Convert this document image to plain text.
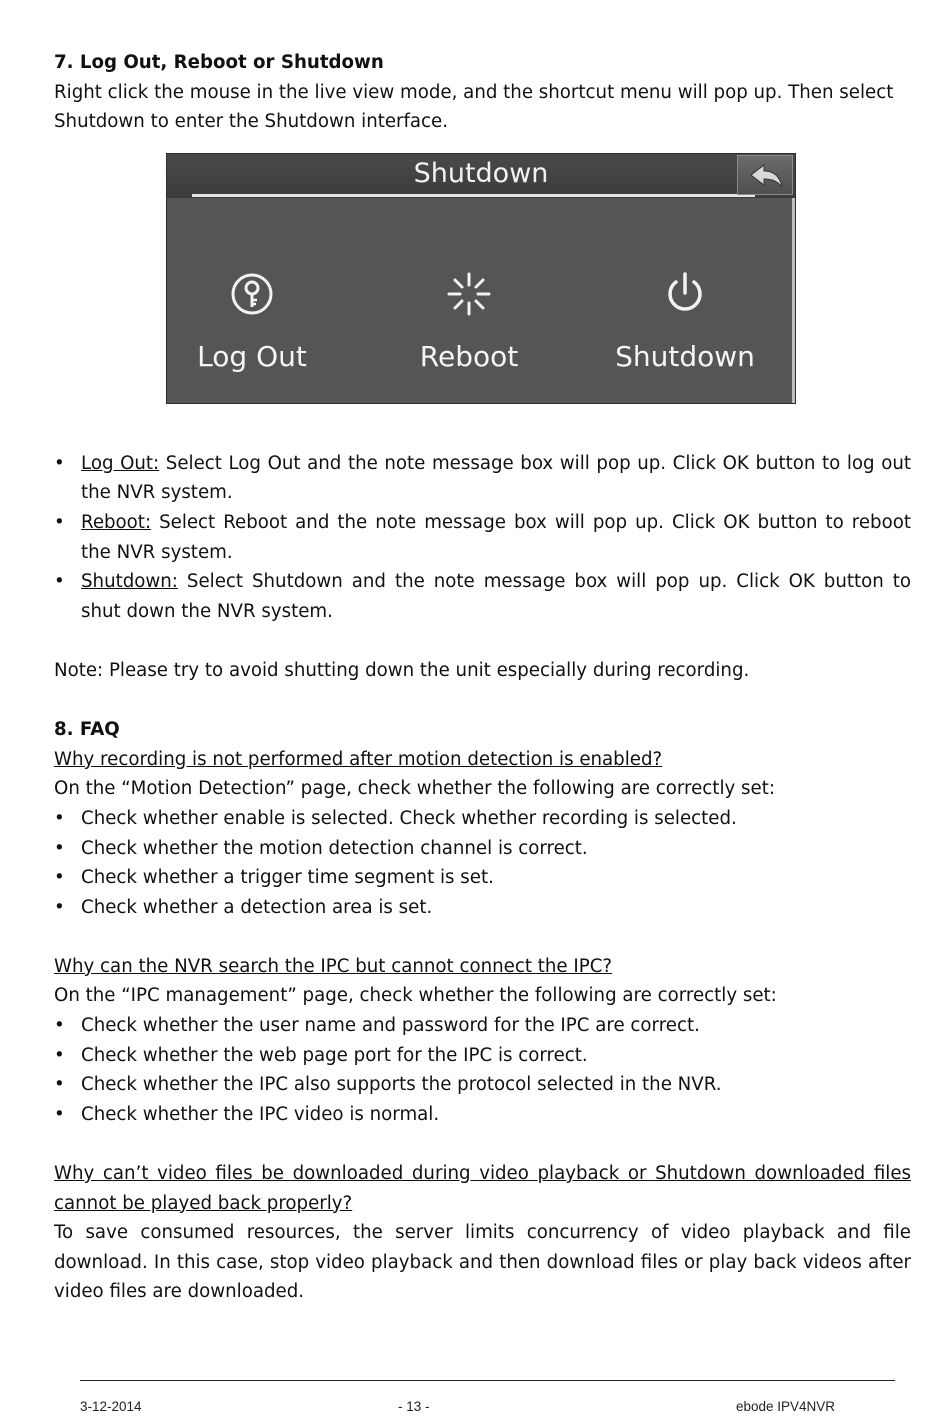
7. Log Out, Reboot or Shutdown
Right click the mouse in the live view mode, and the shortcut menu will pop up. Then select Shutdown to enter the Shutdown interface.
Shutdown
Log Out	Reboot	Shutdown
• Log Out: Select Log Out and the note message box will pop up. Click OK button to log out the NVR system.
• Reboot: Select Reboot and the note message box will pop up. Click OK button to reboot the NVR system.
• Shutdown: Select Shutdown and the note message box will pop up. Click OK button to shut down the NVR system.
Note: Please try to avoid shutting down the unit especially during recording.
8. FAQ
Why recording is not performed after motion detection is enabled?
On the “Motion Detection” page, check whether the following are correctly set:
• Check whether enable is selected. Check whether recording is selected.
• Check whether the motion detection channel is correct.
• Check whether a trigger time segment is set.
• Check whether a detection area is set.
Why can the NVR search the IPC but cannot connect the IPC?
On the “IPC management” page, check whether the following are correctly set:
• Check whether the user name and password for the IPC are correct.
• Check whether the web page port for the IPC is correct.
• Check whether the IPC also supports the protocol selected in the NVR.
• Check whether the IPC video is normal.
Why can’t video files be downloaded during video playback or Shutdown downloaded files cannot be played back properly?
To save consumed resources, the server limits concurrency of video playback and file download. In this case, stop video playback and then download files or play back videos after video files are downloaded.
3-12-2014	- 13 -	ebode IPV4NVR
